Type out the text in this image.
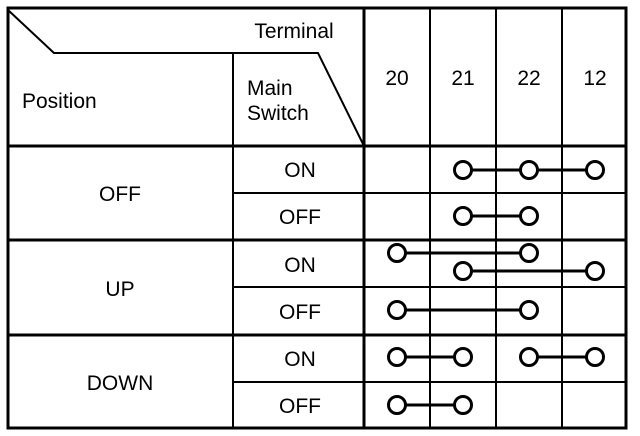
Terminal
Position
Main
Switch
20 21 22 12
OFF
UP
DOWN
ON
OFF
ON
OFF
ON
OFF
